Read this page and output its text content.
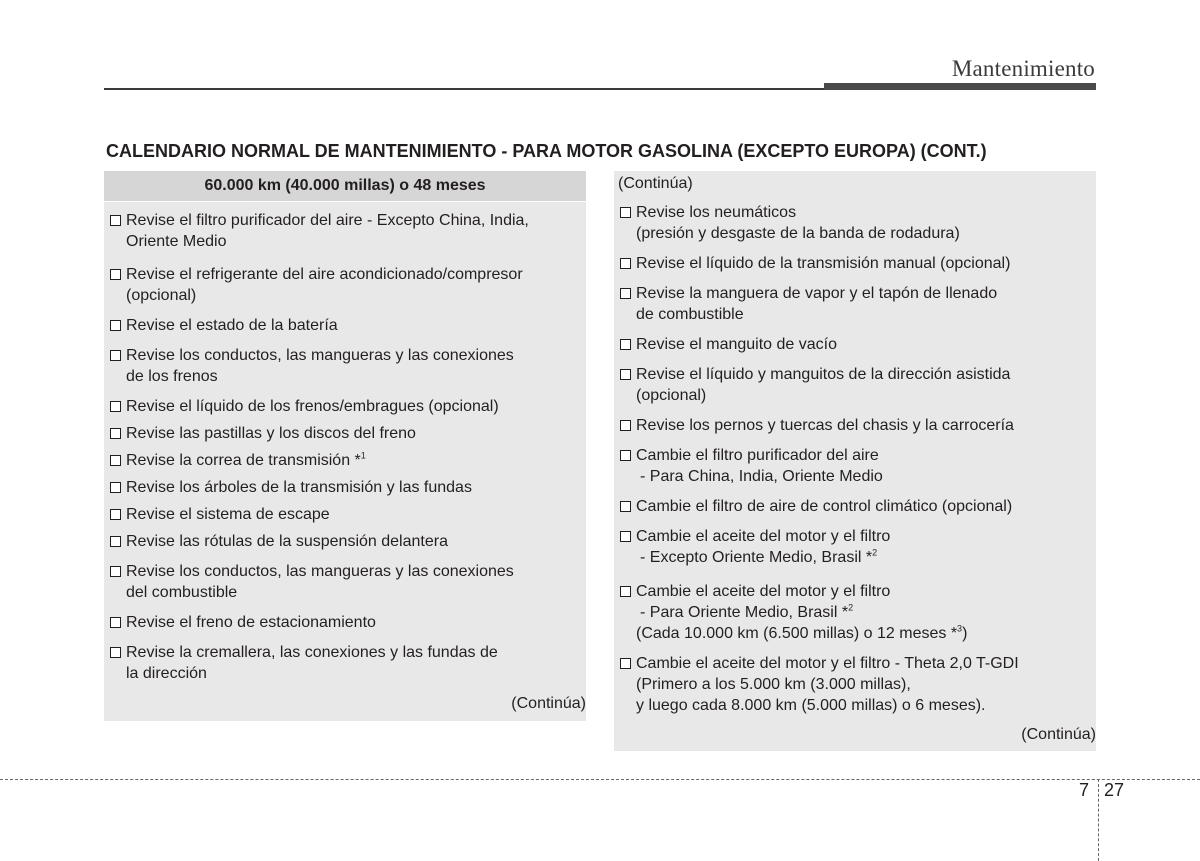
Mantenimiento
CALENDARIO NORMAL DE MANTENIMIENTO - PARA MOTOR GASOLINA (EXCEPTO EUROPA) (CONT.)
60.000 km (40.000 millas) o 48 meses
Revise el filtro purificador del aire - Excepto China, India,
Oriente Medio
Revise el refrigerante del aire acondicionado/compresor
(opcional)
Revise el estado de la batería
Revise los conductos, las mangueras y las conexiones
de los frenos
Revise el líquido de los frenos/embragues (opcional)
Revise las pastillas y los discos del freno
Revise la correa de transmisión *$^1$
Revise los árboles de la transmisión y las fundas
Revise el sistema de escape
Revise las rótulas de la suspensión delantera
Revise los conductos, las mangueras y las conexiones
del combustible
Revise el freno de estacionamiento
Revise la cremallera, las conexiones y las fundas de
la dirección
(Continúa)
(Continúa)
Revise los neumáticos
(presión y desgaste de la banda de rodadura)
Revise el líquido de la transmisión manual (opcional)
Revise la manguera de vapor y el tapón de llenado
de combustible
Revise el manguito de vacío
Revise el líquido y manguitos de la dirección asistida
(opcional)
Revise los pernos y tuercas del chasis y la carrocería
Cambie el filtro purificador del aire
- Para China, India, Oriente Medio
Cambie el filtro de aire de control climático (opcional)
Cambie el aceite del motor y el filtro
- Excepto Oriente Medio, Brasil *$^2$
Cambie el aceite del motor y el filtro
- Para Oriente Medio, Brasil *$^2$
(Cada 10.000 km (6.500 millas) o 12 meses *$^3$)
Cambie el aceite del motor y el filtro - Theta 2,0 T-GDI
(Primero a los 5.000 km (3.000 millas),
y luego cada 8.000 km (5.000 millas) o 6 meses).
(Continúa)
7 27
